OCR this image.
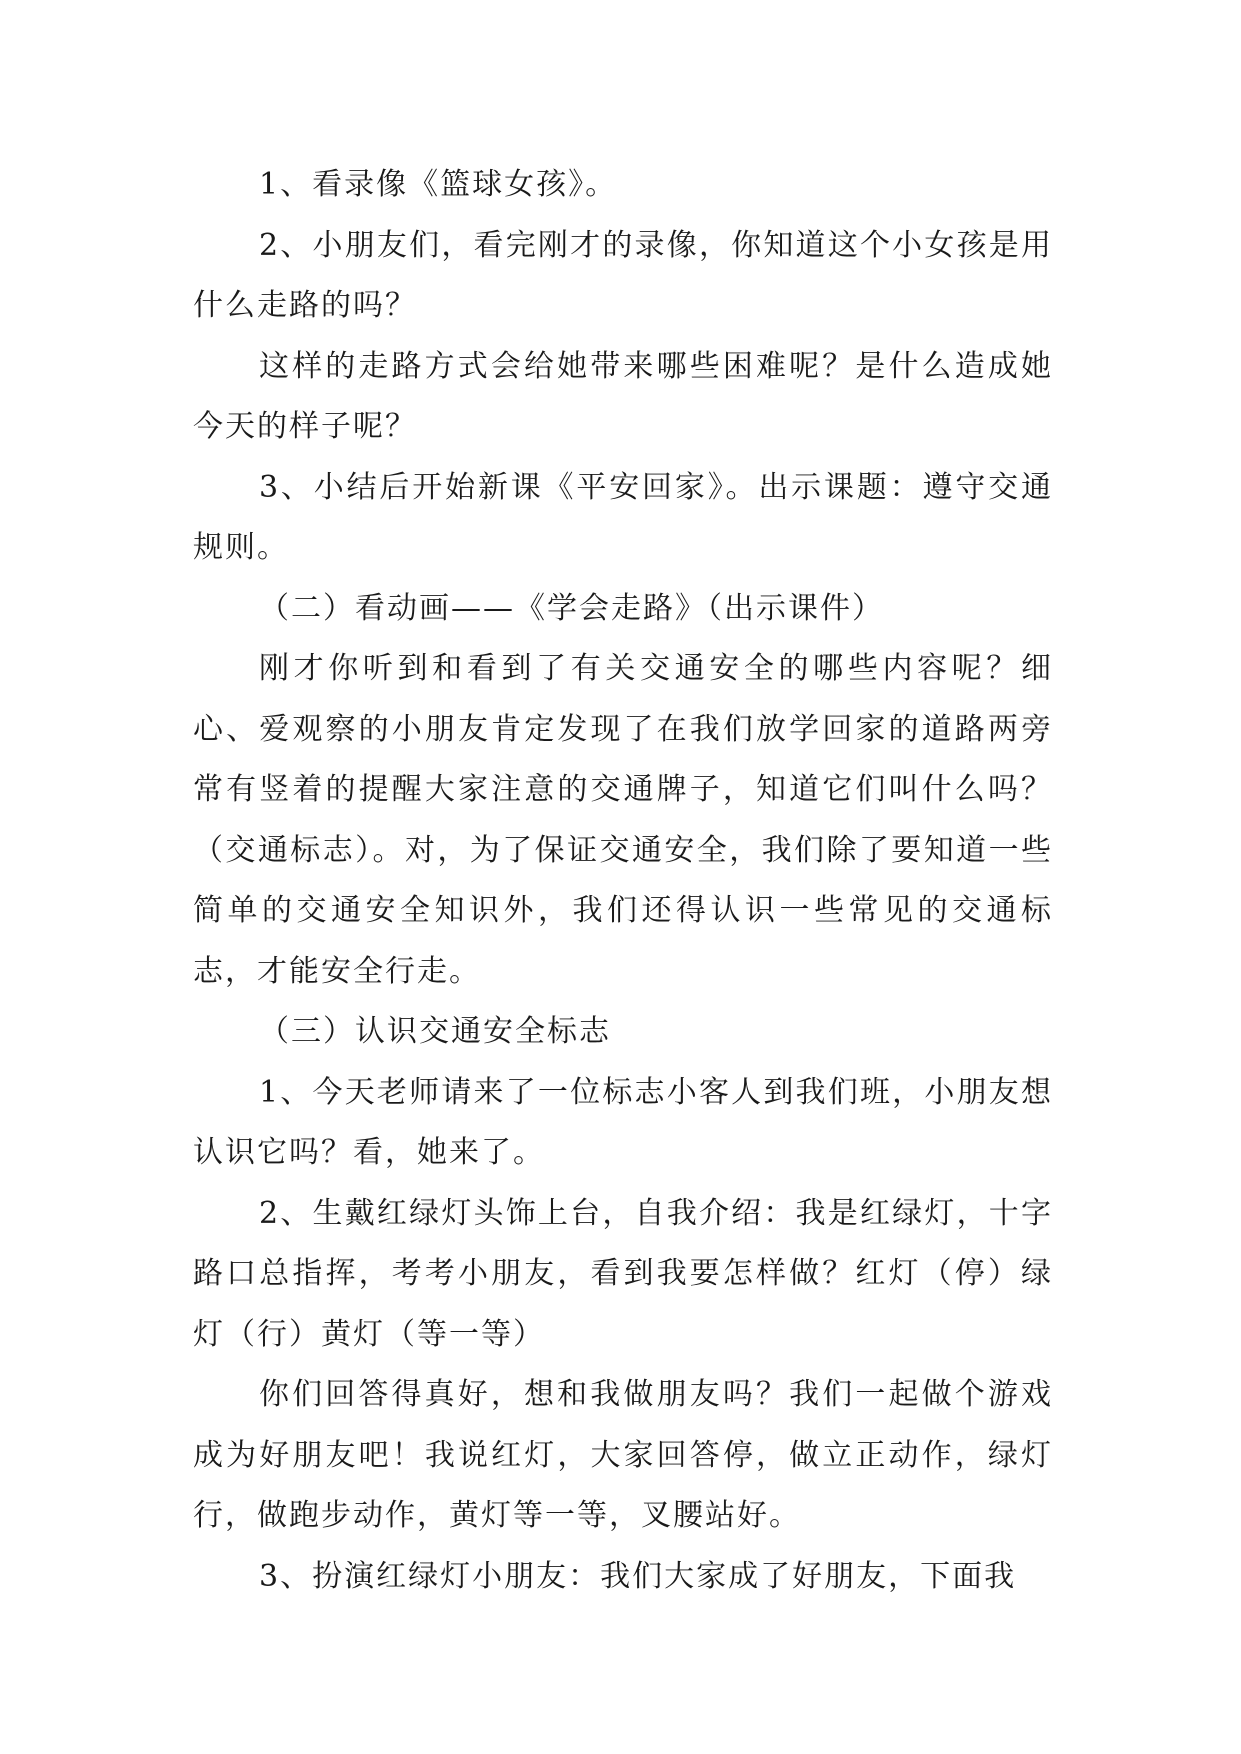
1、看录像《篮球女孩》。

2、小朋友们，看完刚才的录像，你知道这个小女孩是用什么走路的吗？

这样的走路方式会给她带来哪些困难呢？是什么造成她今天的样子呢？

3、小结后开始新课《平安回家》。出示课题：遵守交通规则。

（二）看动画——《学会走路》（出示课件）

刚才你听到和看到了有关交通安全的哪些内容呢？细心、爱观察的小朋友肯定发现了在我们放学回家的道路两旁常有竖着的提醒大家注意的交通牌子，知道它们叫什么吗？（交通标志）。对，为了保证交通安全，我们除了要知道一些简单的交通安全知识外，我们还得认识一些常见的交通标志，才能安全行走。

（三）认识交通安全标志

1、今天老师请来了一位标志小客人到我们班，小朋友想认识它吗？看，她来了。

2、生戴红绿灯头饰上台，自我介绍：我是红绿灯，十字路口总指挥，考考小朋友，看到我要怎样做？红灯（停）绿灯（行）黄灯（等一等）

你们回答得真好，想和我做朋友吗？我们一起做个游戏成为好朋友吧！我说红灯，大家回答停，做立正动作，绿灯行，做跑步动作，黄灯等一等，叉腰站好。

3、扮演红绿灯小朋友：我们大家成了好朋友，下面我
